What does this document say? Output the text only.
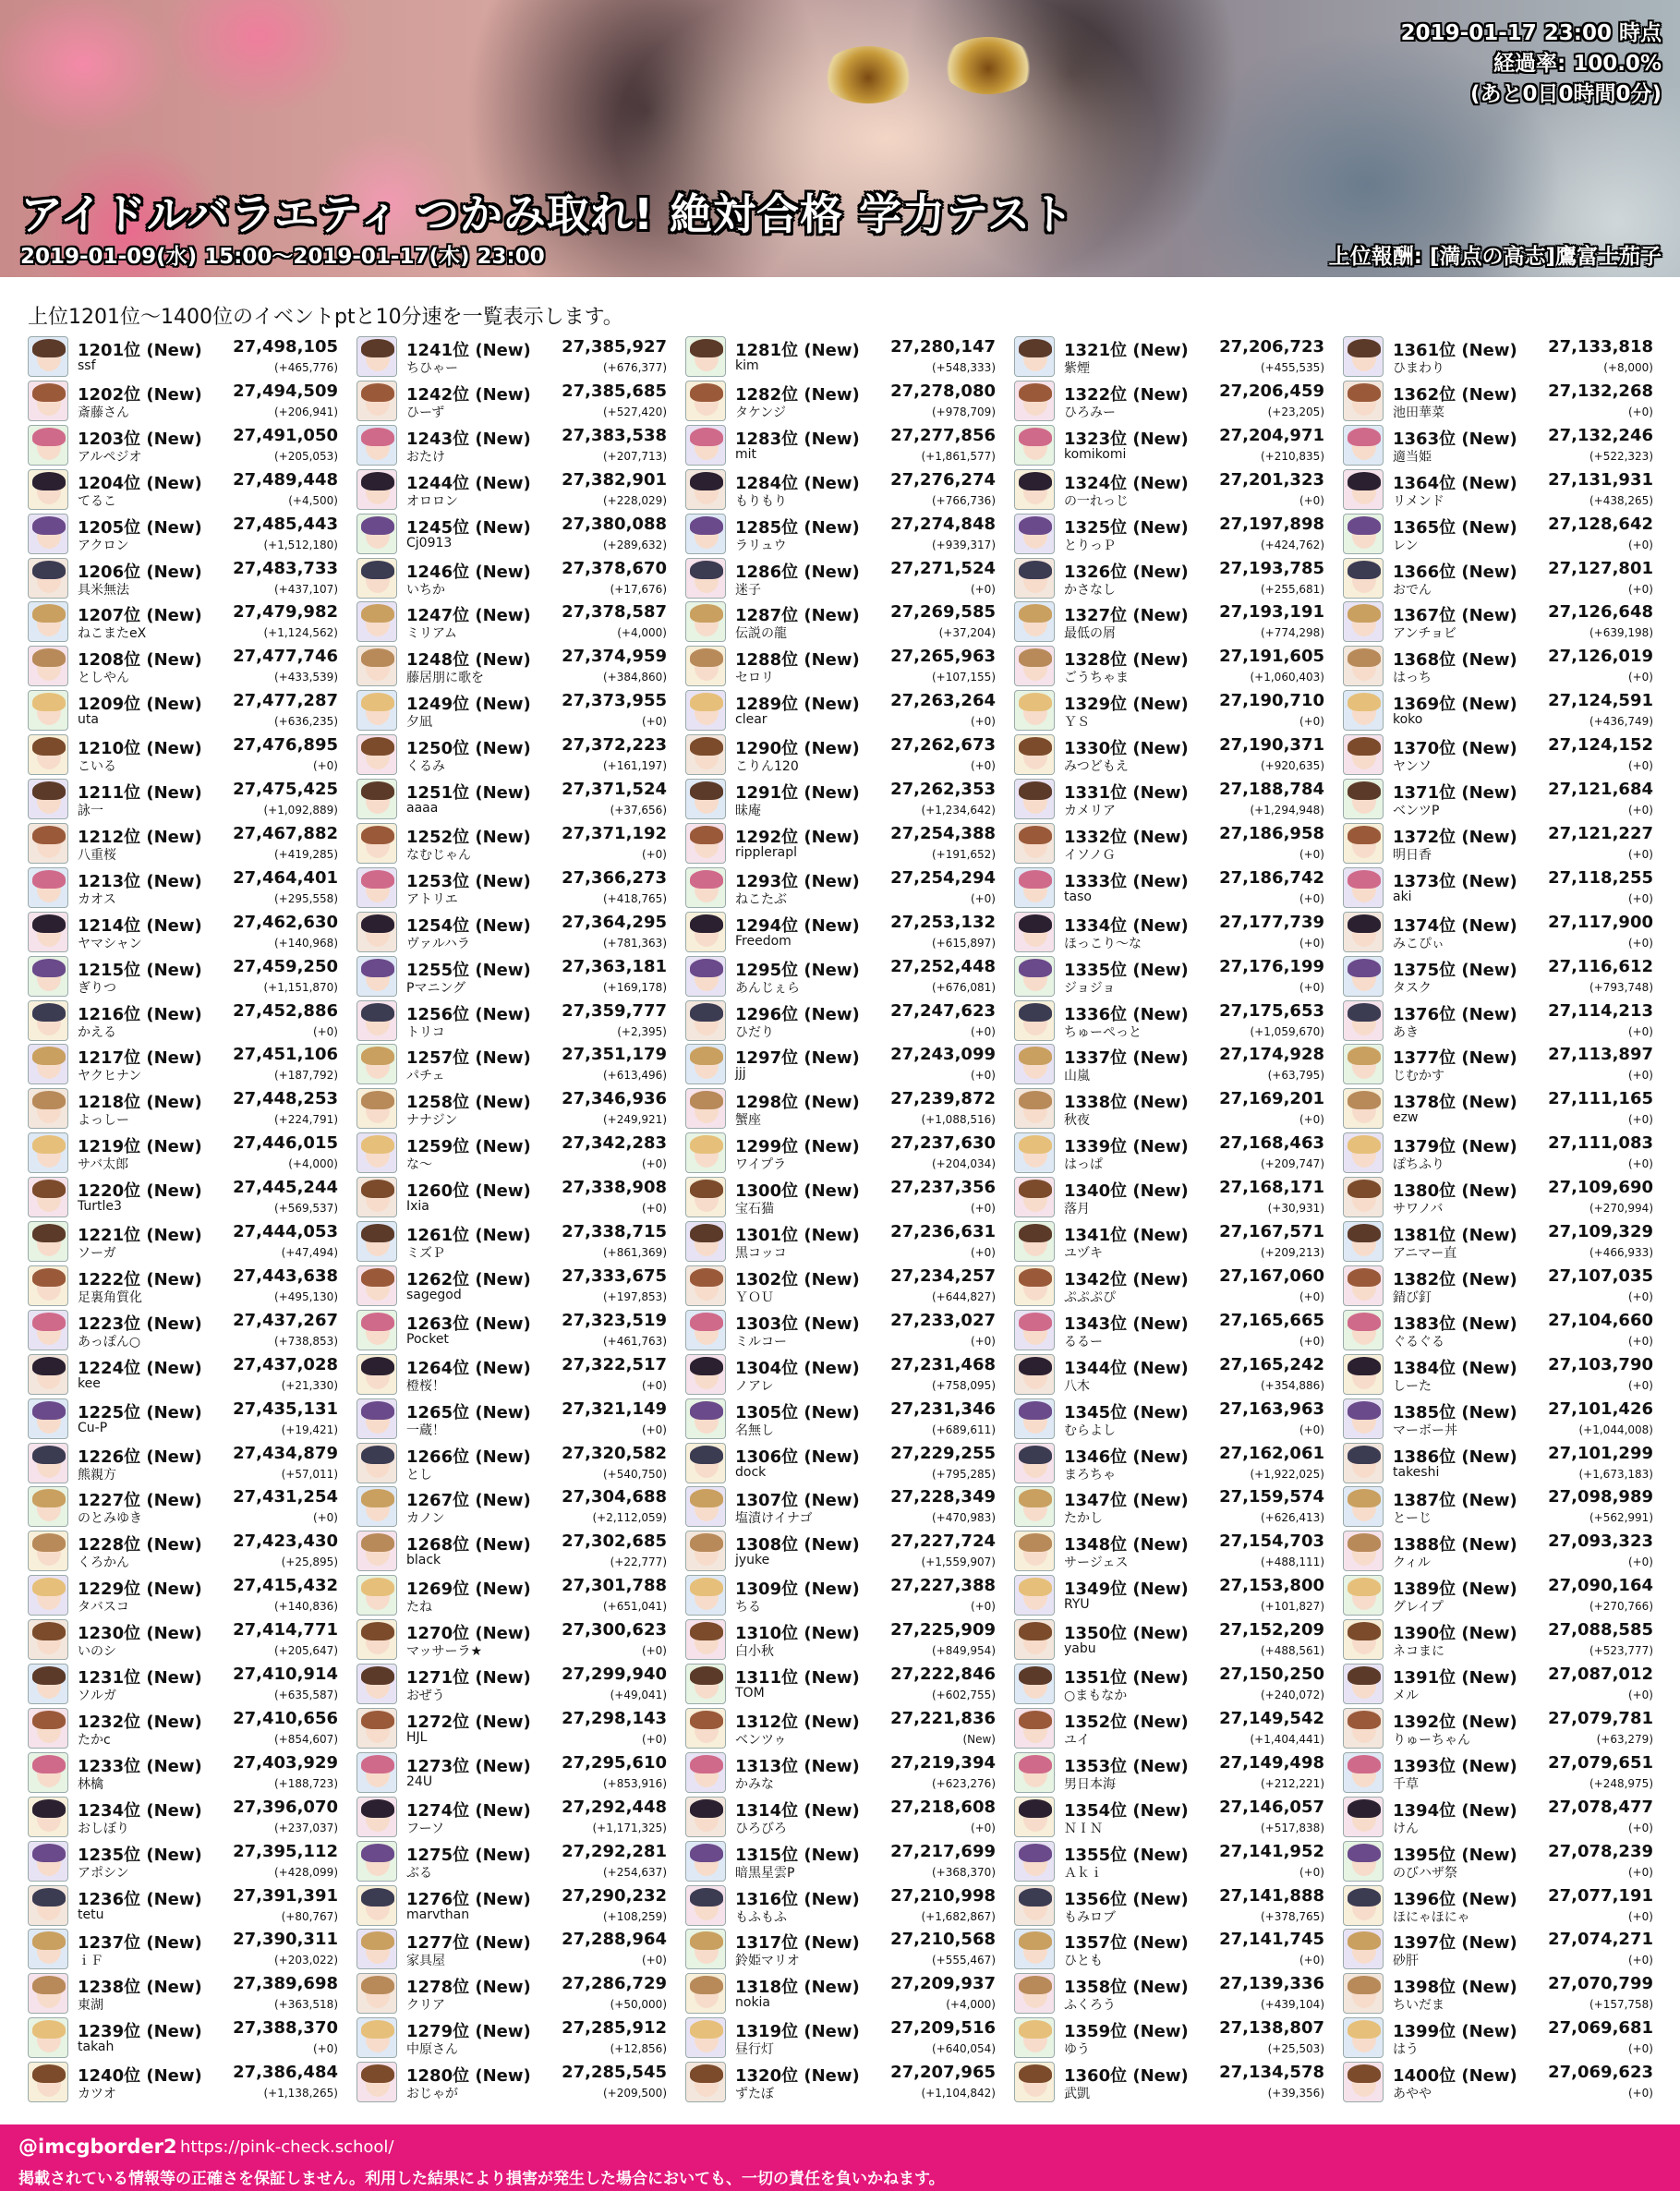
2019-01-17 23:00 時点
経過率: 100.0%
(あと0日0時間0分)
アイドルバラエティ つかみ取れ! 絶対合格 学力テスト
2019-01-09(水) 15:00～2019-01-17(木) 23:00	上位報酬: [満点の高志]鷹富士茄子
上位1201位～1400位のイベントptと10分速を一覧表示します。
1201位 (New) 27,498,105
ssf	(+465,776)
1202位 (New) 27,494,509
斎藤さん	(+206,941)
1203位 (New) 27,491,050
アルペジオ	(+205,053)
1204位 (New) 27,489,448
てるこ	(+4,500)
1205位 (New) 27,485,443
アクロン	(+1,512,180)
1206位 (New) 27,483,733
具米無法	(+437,107)
1207位 (New) 27,479,982
ねこまたeX	(+1,124,562)
1208位 (New) 27,477,746
としやん	(+433,539)
1209位 (New) 27,477,287
uta	(+636,235)
1210位 (New) 27,476,895
こいる	(+0)
1211位 (New) 27,475,425
詠一	(+1,092,889)
1212位 (New) 27,467,882
八重桜	(+419,285)
1213位 (New) 27,464,401
カオス	(+295,558)
1214位 (New) 27,462,630
ヤマシャン	(+140,968)
1215位 (New) 27,459,250
ぎりつ	(+1,151,870)
1216位 (New) 27,452,886
かえる	(+0)
1217位 (New) 27,451,106
ヤクヒナン	(+187,792)
1218位 (New) 27,448,253
よっしー	(+224,791)
1219位 (New) 27,446,015
サバ太郎	(+4,000)
1220位 (New) 27,445,244
Turtle3	(+569,537)
1221位 (New) 27,444,053
ソーガ	(+47,494)
1222位 (New) 27,443,638
足裏角質化	(+495,130)
1223位 (New) 27,437,267
あっぽん○	(+738,853)
1224位 (New) 27,437,028
kee	(+21,330)
1225位 (New) 27,435,131
Cu-P	(+19,421)
1226位 (New) 27,434,879
熊親方	(+57,011)
1227位 (New) 27,431,254
のとみゆき	(+0)
1228位 (New) 27,423,430
くろかん	(+25,895)
1229位 (New) 27,415,432
タバスコ	(+140,836)
1230位 (New) 27,414,771
いのシ	(+205,647)
1231位 (New) 27,410,914
ソルガ	(+635,587)
1232位 (New) 27,410,656
たかc	(+854,607)
1233位 (New) 27,403,929
林檎	(+188,723)
1234位 (New) 27,396,070
おしぼり	(+237,037)
1235位 (New) 27,395,112
アポシン	(+428,099)
1236位 (New) 27,391,391
tetu	(+80,767)
1237位 (New) 27,390,311
ｉＦ	(+203,022)
1238位 (New) 27,389,698
東湖	(+363,518)
1239位 (New) 27,388,370
takah	(+0)
1240位 (New) 27,386,484
カツオ	(+1,138,265)
1241位 (New) 27,385,927
ちひゃー	(+676,377)
1242位 (New) 27,385,685
ひーず	(+527,420)
1243位 (New) 27,383,538
おたけ	(+207,713)
1244位 (New) 27,382,901
オロロン	(+228,029)
1245位 (New) 27,380,088
Cj0913	(+289,632)
1246位 (New) 27,378,670
いちか	(+17,676)
1247位 (New) 27,378,587
ミリアム	(+4,000)
1248位 (New) 27,374,959
藤居朋に歌を	(+384,860)
1249位 (New) 27,373,955
夕凪	(+0)
1250位 (New) 27,372,223
くるみ	(+161,197)
1251位 (New) 27,371,524
aaaa	(+37,656)
1252位 (New) 27,371,192
なむじゃん	(+0)
1253位 (New) 27,366,273
アトリエ	(+418,765)
1254位 (New) 27,364,295
ヴァルハラ	(+781,363)
1255位 (New) 27,363,181
Pマニング	(+169,178)
1256位 (New) 27,359,777
トリコ	(+2,395)
1257位 (New) 27,351,179
パチェ	(+613,496)
1258位 (New) 27,346,936
ナナジン	(+249,921)
1259位 (New) 27,342,283
な～	(+0)
1260位 (New) 27,338,908
Ixia	(+0)
1261位 (New) 27,338,715
ミズＰ	(+861,369)
1262位 (New) 27,333,675
sagegod	(+197,853)
1263位 (New) 27,323,519
Pocket	(+461,763)
1264位 (New) 27,322,517
橙桜！	(+0)
1265位 (New) 27,321,149
一蔵！	(+0)
1266位 (New) 27,320,582
とし	(+540,750)
1267位 (New) 27,304,688
カノン	(+2,112,059)
1268位 (New) 27,302,685
black	(+22,777)
1269位 (New) 27,301,788
たね	(+651,041)
1270位 (New) 27,300,623
マッサーラ★	(+0)
1271位 (New) 27,299,940
おぜう	(+49,041)
1272位 (New) 27,298,143
HJL	(+0)
1273位 (New) 27,295,610
24U	(+853,916)
1274位 (New) 27,292,448
フーソ	(+1,171,325)
1275位 (New) 27,292,281
ぶる	(+254,637)
1276位 (New) 27,290,232
marvthan	(+108,259)
1277位 (New) 27,288,964
家具屋	(+0)
1278位 (New) 27,286,729
クリア	(+50,000)
1279位 (New) 27,285,912
中原さん	(+12,856)
1280位 (New) 27,285,545
おじゃが	(+209,500)
1281位 (New) 27,280,147
kim	(+548,333)
1282位 (New) 27,278,080
タケンジ	(+978,709)
1283位 (New) 27,277,856
mit	(+1,861,577)
1284位 (New) 27,276,274
もりもり	(+766,736)
1285位 (New) 27,274,848
ラリュウ	(+939,317)
1286位 (New) 27,271,524
迷子	(+0)
1287位 (New) 27,269,585
伝説の龍	(+37,204)
1288位 (New) 27,265,963
セロリ	(+107,155)
1289位 (New) 27,263,264
clear	(+0)
1290位 (New) 27,262,673
こりん120	(+0)
1291位 (New) 27,262,353
昧庵	(+1,234,642)
1292位 (New) 27,254,388
ripplerapl	(+191,652)
1293位 (New) 27,254,294
ねこたぶ	(+0)
1294位 (New) 27,253,132
Freedom	(+615,897)
1295位 (New) 27,252,448
あんじぇら	(+676,081)
1296位 (New) 27,247,623
ひだり	(+0)
1297位 (New) 27,243,099
jjj	(+0)
1298位 (New) 27,239,872
蟹座	(+1,088,516)
1299位 (New) 27,237,630
ワイプラ	(+204,034)
1300位 (New) 27,237,356
宝石猫	(+0)
1301位 (New) 27,236,631
黒コッコ	(+0)
1302位 (New) 27,234,257
ＹＯＵ	(+644,827)
1303位 (New) 27,233,027
ミルコー	(+0)
1304位 (New) 27,231,468
ノアレ	(+758,095)
1305位 (New) 27,231,346
名無し	(+689,611)
1306位 (New) 27,229,255
dock	(+795,285)
1307位 (New) 27,228,349
塩漬けイナゴ	(+470,983)
1308位 (New) 27,227,724
jyuke	(+1,559,907)
1309位 (New) 27,227,388
ちる	(+0)
1310位 (New) 27,225,909
白小秋	(+849,954)
1311位 (New) 27,222,846
TOM	(+602,755)
1312位 (New) 27,221,836
ベンツゥ	(New)
1313位 (New) 27,219,394
かみな	(+623,276)
1314位 (New) 27,218,608
ひろびろ	(+0)
1315位 (New) 27,217,699
暗黒星雲P	(+368,370)
1316位 (New) 27,210,998
もふもふ	(+1,682,867)
1317位 (New) 27,210,568
鈴姫マリオ	(+555,467)
1318位 (New) 27,209,937
nokia	(+4,000)
1319位 (New) 27,209,516
昼行灯	(+640,054)
1320位 (New) 27,207,965
ずたぼ	(+1,104,842)
1321位 (New) 27,206,723
紫煙	(+455,535)
1322位 (New) 27,206,459
ひろみー	(+23,205)
1323位 (New) 27,204,971
komikomi	(+210,835)
1324位 (New) 27,201,323
の一れっじ	(+0)
1325位 (New) 27,197,898
とりっＰ	(+424,762)
1326位 (New) 27,193,785
かさなし	(+255,681)
1327位 (New) 27,193,191
最低の屑	(+774,298)
1328位 (New) 27,191,605
ごうちゃま	(+1,060,403)
1329位 (New) 27,190,710
ＹＳ	(+0)
1330位 (New) 27,190,371
みつどもえ	(+920,635)
1331位 (New) 27,188,784
カメリア	(+1,294,948)
1332位 (New) 27,186,958
イソノＧ	(+0)
1333位 (New) 27,186,742
taso	(+0)
1334位 (New) 27,177,739
ほっこり～な	(+0)
1335位 (New) 27,176,199
ジョジョ	(+0)
1336位 (New) 27,175,653
ちゅーぺっと	(+1,059,670)
1337位 (New) 27,174,928
山嵐	(+63,795)
1338位 (New) 27,169,201
秋夜	(+0)
1339位 (New) 27,168,463
はっぱ	(+209,747)
1340位 (New) 27,168,171
落月	(+30,931)
1341位 (New) 27,167,571
ユヅキ	(+209,213)
1342位 (New) 27,167,060
ぷぷぷぴ	(+0)
1343位 (New) 27,165,665
るるー	(+0)
1344位 (New) 27,165,242
八木	(+354,886)
1345位 (New) 27,163,963
むらよし	(+0)
1346位 (New) 27,162,061
まろちゃ	(+1,922,025)
1347位 (New) 27,159,574
たかし	(+626,413)
1348位 (New) 27,154,703
サージェス	(+488,111)
1349位 (New) 27,153,800
RYU	(+101,827)
1350位 (New) 27,152,209
yabu	(+488,561)
1351位 (New) 27,150,250
○まもなか	(+240,072)
1352位 (New) 27,149,542
ユイ	(+1,404,441)
1353位 (New) 27,149,498
男日本海	(+212,221)
1354位 (New) 27,146,057
ＮＩＮ	(+517,838)
1355位 (New) 27,141,952
Ａｋｉ	(+0)
1356位 (New) 27,141,888
もみロブ	(+378,765)
1357位 (New) 27,141,745
ひとも	(+0)
1358位 (New) 27,139,336
ふくろう	(+439,104)
1359位 (New) 27,138,807
ゆう	(+25,503)
1360位 (New) 27,134,578
武凱	(+39,356)
1361位 (New) 27,133,818
ひまわり	(+8,000)
1362位 (New) 27,132,268
池田華菜	(+0)
1363位 (New) 27,132,246
適当姫	(+522,323)
1364位 (New) 27,131,931
リメンド	(+438,265)
1365位 (New) 27,128,642
レン	(+0)
1366位 (New) 27,127,801
おでん	(+0)
1367位 (New) 27,126,648
アンチョビ	(+639,198)
1368位 (New) 27,126,019
はっち	(+0)
1369位 (New) 27,124,591
koko	(+436,749)
1370位 (New) 27,124,152
ヤンソ	(+0)
1371位 (New) 27,121,684
ベンツP	(+0)
1372位 (New) 27,121,227
明日香	(+0)
1373位 (New) 27,118,255
aki	(+0)
1374位 (New) 27,117,900
みこぴぃ	(+0)
1375位 (New) 27,116,612
タスク	(+793,748)
1376位 (New) 27,114,213
あき	(+0)
1377位 (New) 27,113,897
じむかす	(+0)
1378位 (New) 27,111,165
ezw	(+0)
1379位 (New) 27,111,083
ぽちふり	(+0)
1380位 (New) 27,109,690
サワノバ	(+270,994)
1381位 (New) 27,109,329
アニマー直	(+466,933)
1382位 (New) 27,107,035
錆び釘	(+0)
1383位 (New) 27,104,660
ぐるぐる	(+0)
1384位 (New) 27,103,790
しーた	(+0)
1385位 (New) 27,101,426
マーボー丼	(+1,044,008)
1386位 (New) 27,101,299
takeshi	(+1,673,183)
1387位 (New) 27,098,989
とーじ	(+562,991)
1388位 (New) 27,093,323
クィル	(+0)
1389位 (New) 27,090,164
グレイプ	(+270,766)
1390位 (New) 27,088,585
ネコまに	(+523,777)
1391位 (New) 27,087,012
メル	(+0)
1392位 (New) 27,079,781
りゅーちゃん	(+63,279)
1393位 (New) 27,079,651
千草	(+248,975)
1394位 (New) 27,078,477
けん	(+0)
1395位 (New) 27,078,239
のびハザ祭	(+0)
1396位 (New) 27,077,191
ほにゃほにゃ	(+0)
1397位 (New) 27,074,271
砂肝	(+0)
1398位 (New) 27,070,799
ちいだま	(+157,758)
1399位 (New) 27,069,681
はう	(+0)
1400位 (New) 27,069,623
あやや	(+0)
@imcgborder2 https://pink-check.school/
掲載されている情報等の正確さを保証しません。利用した結果により損害が発生した場合においても、一切の責任を負いかねます。
